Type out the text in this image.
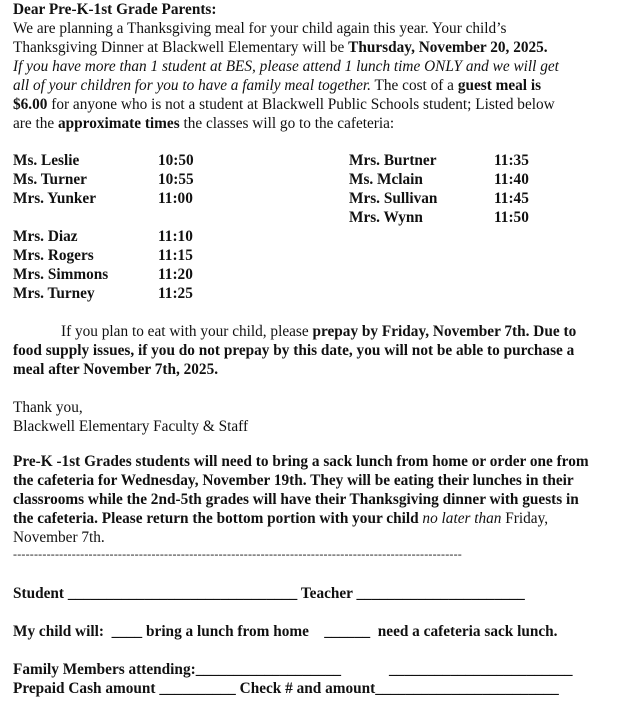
Dear Pre-K-1st Grade Parents:
We are planning a Thanksgiving meal for your child again this year. Your child’s
Thanksgiving Dinner at Blackwell Elementary will be Thursday, November 20, 2025.
If you have more than 1 student at BES, please attend 1 lunch time ONLY and we will get
all of your children for you to have a family meal together. The cost of a guest meal is
$6.00 for anyone who is not a student at Blackwell Public Schools student; Listed below
are the approximate times the classes will go to the cafeteria:
Ms. Leslie	10:50
Ms. Turner	10:55
Mrs. Yunker	11:00
Mrs. Diaz	11:10
Mrs. Rogers	11:15
Mrs. Simmons	11:20
Mrs. Turney	11:25
Mrs. Burtner	11:35
Ms. Mclain	11:40
Mrs. Sullivan	11:45
Mrs. Wynn	11:50
If you plan to eat with your child, please prepay by Friday, November 7th. Due to food supply issues, if you do not prepay by this date, you will not be able to purchase a meal after November 7th, 2025.
Thank you,
Blackwell Elementary Faculty & Staff
Pre-K -1st Grades students will need to bring a sack lunch from home or order one from the cafeteria for Wednesday, November 19th. They will be eating their lunches in their classrooms while the 2nd-5th grades will have their Thanksgiving dinner with guests in the cafeteria. Please return the bottom portion with your child no later than Friday, November 7th.
-----------------------------------------------------------------------------------------------------------
Student ______________________________ Teacher ______________________
My child will: ____ bring a lunch from home ______ need a cafeteria sack lunch.
Family Members attending:___________________	________________________
Prepaid Cash amount __________ Check # and amount________________________
